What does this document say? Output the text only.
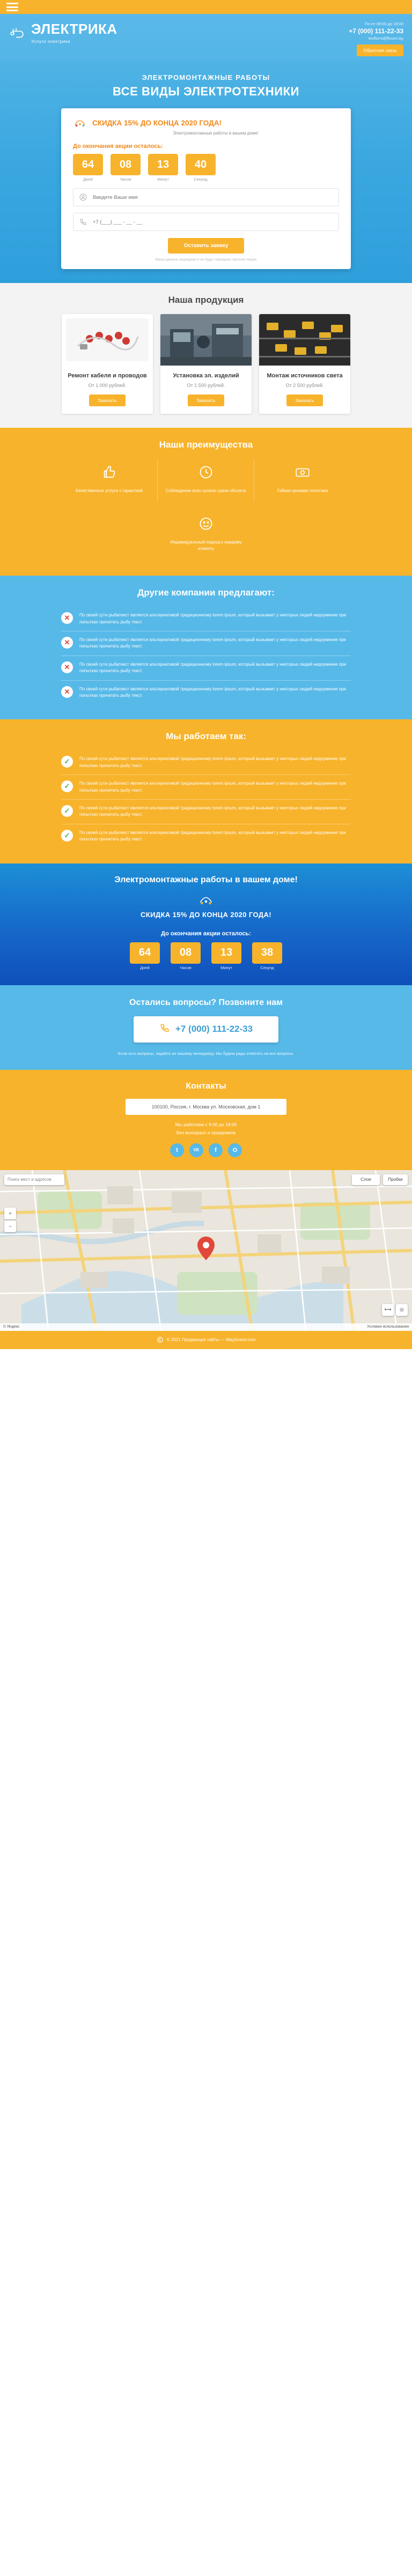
ЭЛЕКТРИКА
Услуги электрика
Пн-пт 09:00 до 19:00
+7 (000) 111-22-33
texflorm@flourm.by
Обратная связь
ЭЛЕКТРОМОНТАЖНЫЕ РАБОТЫ
ВСЕ ВИДЫ ЭЛЕКТРОТЕХНИКИ
СКИДКА 15% ДО КОНЦА 2020 ГОДА!
Электромонтажные работы в вашем доме!
До окончания акции осталось:
64
Дней
08
Часов
13
Минут
40
Секунд
Введите Ваше имя
+7 (___) ___ - __ - __
Оставить заявку
Ваши данные защищены и не будут переданы третьим лицам
Наша продукция
Ремонт кабеля и проводов
От 1 000 рублей.
Заказать
Установка эл. изделий
От 1 500 рублей.
Заказать
Монтаж источников света
От 2 500 рублей.
Заказать
Наши преимущества
Качественные услуги с гарантией	Соблюдение всех сроков сдачи объекта	Гибкая ценовая политика
Индивидуальный подход к каждому клиенту
Другие компании предлагают:
✕	По своей сути рыбатекст является альтернативой традиционному lorem ipsum, который вызывает у некторых людей недоумение при попытках прочитать рыбу текст.
✕	По своей сути рыбатекст является альтернативой традиционному lorem ipsum, который вызывает у некторых людей недоумение при попытках прочитать рыбу текст.
✕	По своей сути рыбатекст является альтернативой традиционному lorem ipsum, который вызывает у некторых людей недоумение при попытках прочитать рыбу текст.
✕	По своей сути рыбатекст является альтернативой традиционному lorem ipsum, который вызывает у некторых людей недоумение при попытках прочитать рыбу текст.
Мы работаем так:
✓	По своей сути рыбатекст является альтернативой традиционному lorem ipsum, который вызывает у некторых людей недоумение при попытках прочитать рыбу текст.
✓	По своей сути рыбатекст является альтернативой традиционному lorem ipsum, который вызывает у некторых людей недоумение при попытках прочитать рыбу текст.
✓	По своей сути рыбатекст является альтернативой традиционному lorem ipsum, который вызывает у некторых людей недоумение при попытках прочитать рыбу текст.
✓	По своей сути рыбатекст является альтернативой традиционному lorem ipsum, который вызывает у некторых людей недоумение при попытках прочитать рыбу текст.
Электромонтажные работы в вашем доме!
СКИДКА 15% ДО КОНЦА 2020 ГОДА!
До окончания акции осталось:
64
Дней
08
Часов
13
Минут
38
Секунд
Остались вопросы? Позвоните нам
+7 (000) 111-22-33
Если есть вопросы, задайте их нашему менеджеру. Мы будем рады ответить на все вопросы.
Контакты
100100, Россия, г. Москва ул. Московская, дом 1
Мы работаем с 9:00 до 19:00
Без выходных и праздников
t	VK	f	O
Поиск мест и адресов	Слои	Пробки
+
−
⟷	◎
© Яндекс	Условия использования
© 2021 Продающие сайты — WayGrand.com
